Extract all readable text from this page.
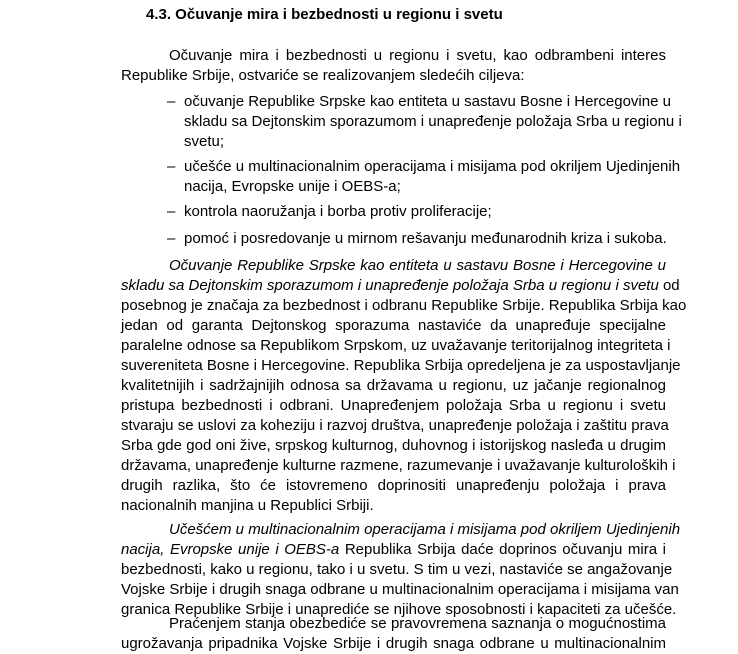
4.3. Očuvanje mira i bezbednosti u regionu i svetu
Očuvanje mira i bezbednosti u regionu i svetu, kao odbrambeni interes
Republike Srbije, ostvariće se realizovanjem sledećih ciljeva:
– očuvanje Republike Srpske kao entiteta u sastavu Bosne i Hercegovine u
skladu sa Dejtonskim sporazumom i unapređenje položaja Srba u regionu i
svetu;
– učešće u multinacionalnim operacijama i misijama pod okriljem Ujedinjenih
nacija, Evropske unije i OEBS-a;
– kontrola naoružanja i borba protiv proliferacije;
– pomoć i posredovanje u mirnom rešavanju međunarodnih kriza i sukoba.
Očuvanje Republike Srpske kao entiteta u sastavu Bosne i Hercegovine u
skladu sa Dejtonskim sporazumom i unapređenje položaja Srba u regionu i svetu od
posebnog je značaja za bezbednost i odbranu Republike Srbije. Republika Srbija kao
jedan od garanta Dejtonskog sporazuma nastaviće da unapređuje specijalne
paralelne odnose sa Republikom Srpskom, uz uvažavanje teritorijalnog integriteta i
suvereniteta Bosne i Hercegovine. Republika Srbija opredeljena je za uspostavljanje
kvalitetnijih i sadržajnijih odnosa sa državama u regionu, uz jačanje regionalnog
pristupa bezbednosti i odbrani. Unapređenjem položaja Srba u regionu i svetu
stvaraju se uslovi za koheziju i razvoj društva, unapređenje položaja i zaštitu prava
Srba gde god oni žive, srpskog kulturnog, duhovnog i istorijskog nasleđa u drugim
državama, unapređenje kulturne razmene, razumevanje i uvažavanje kulturoloških i
drugih razlika, što će istovremeno doprinositi unapređenju položaja i prava
nacionalnih manjina u Republici Srbiji.
Učešćem u multinacionalnim operacijama i misijama pod okriljem Ujedinjenih
nacija, Evropske unije i OEBS-a Republika Srbija daće doprinos očuvanju mira i
bezbednosti, kako u regionu, tako i u svetu. S tim u vezi, nastaviće se angažovanje
Vojske Srbije i drugih snaga odbrane u multinacionalnim operacijama i misijama van
granica Republike Srbije i unaprediće se njihove sposobnosti i kapaciteti za učešće.
Praćenjem stanja obezbediće se pravovremena saznanja o mogućnostima
ugrožavanja pripadnika Vojske Srbije i drugih snaga odbrane u multinacionalnim
